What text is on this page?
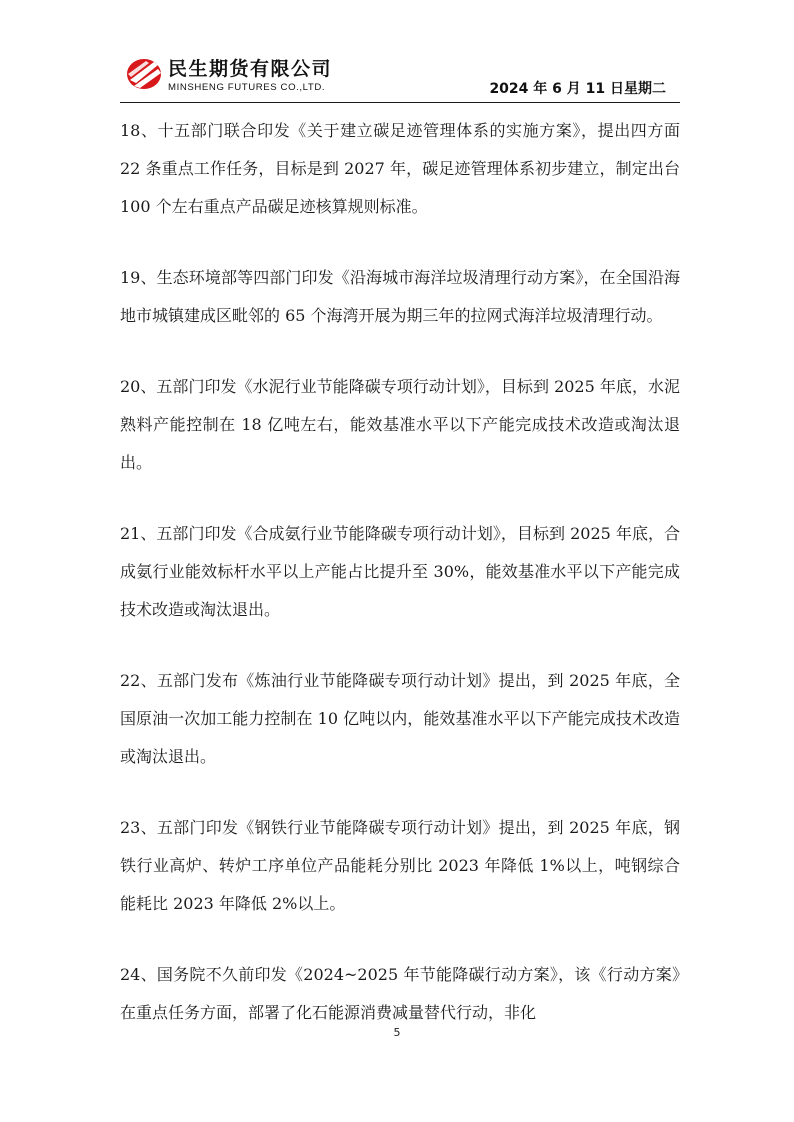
民生期货有限公司
MINSHENG FUTURES CO.,LTD.	2024 年 6 月 11 日星期二

18、十五部门联合印发《关于建立碳足迹管理体系的实施方案》，提出四方面 22 条重点工作任务，目标是到 2027 年，碳足迹管理体系初步建立，制定出台 100 个左右重点产品碳足迹核算规则标准。

19、生态环境部等四部门印发《沿海城市海洋垃圾清理行动方案》，在全国沿海地市城镇建成区毗邻的 65 个海湾开展为期三年的拉网式海洋垃圾清理行动。

20、五部门印发《水泥行业节能降碳专项行动计划》，目标到 2025 年底，水泥熟料产能控制在 18 亿吨左右，能效基准水平以下产能完成技术改造或淘汰退出。

21、五部门印发《合成氨行业节能降碳专项行动计划》，目标到 2025 年底，合成氨行业能效标杆水平以上产能占比提升至 30%，能效基准水平以下产能完成技术改造或淘汰退出。

22、五部门发布《炼油行业节能降碳专项行动计划》提出，到 2025 年底，全国原油一次加工能力控制在 10 亿吨以内，能效基准水平以下产能完成技术改造或淘汰退出。

23、五部门印发《钢铁行业节能降碳专项行动计划》提出，到 2025 年底，钢铁行业高炉、转炉工序单位产品能耗分别比 2023 年降低 1%以上，吨钢综合能耗比 2023 年降低 2%以上。

24、国务院不久前印发《2024~2025 年节能降碳行动方案》，该《行动方案》在重点任务方面，部署了化石能源消费减量替代行动，非化

5
